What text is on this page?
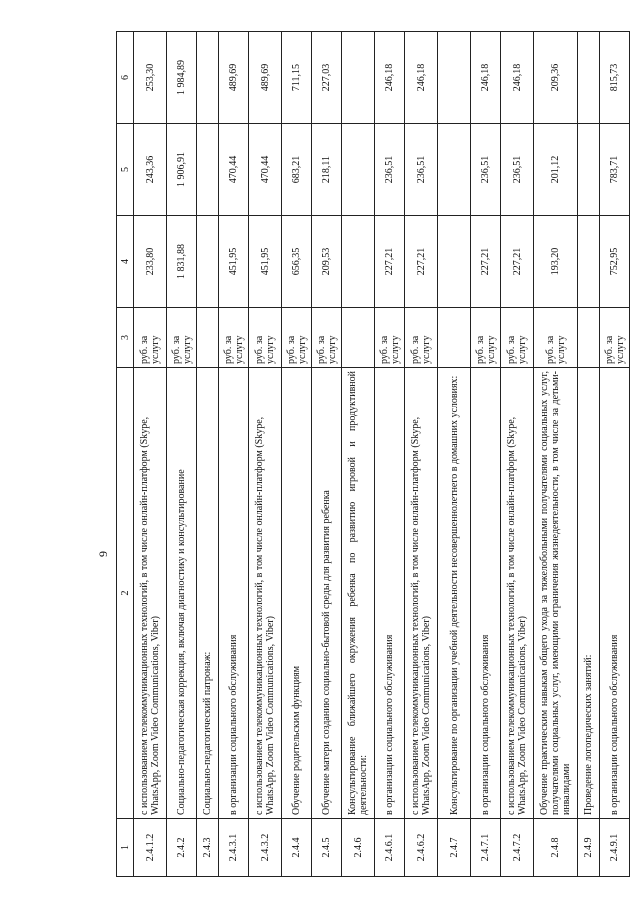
9
1	2	3	4	5	6
2.4.1.2	с использованием телекоммуникационных технологий, в том числе онлайн-платформ (Skype, WhatsApp, Zoom Video Communications, Viber)	руб. за услугу	233,80	243,36	253,30
2.4.2	Социально-педагогическая коррекция, включая диагностику и консультирование	руб. за услугу	1 831,88	1 906,91	1 984,89
2.4.3	Социально-педагогический патронаж:				
2.4.3.1	в организации социального обслуживания	руб. за услугу	451,95	470,44	489,69
2.4.3.2	с использованием телекоммуникационных технологий, в том числе онлайн-платформ (Skype, WhatsApp, Zoom Video Communications, Viber)	руб. за услугу	451,95	470,44	489,69
2.4.4	Обучение родительским функциям	руб. за услугу	656,35	683,21	711,15
2.4.5	Обучение матери созданию социально-бытовой среды для развития ребенка	руб. за услугу	209,53	218,11	227,03
2.4.6	Консультирование ближайшего окружения ребенка по развитию игровой и продуктивной деятельности:				
2.4.6.1	в организации социального обслуживания	руб. за услугу	227,21	236,51	246,18
2.4.6.2	с использованием телекоммуникационных технологий, в том числе онлайн-платформ (Skype, WhatsApp, Zoom Video Communications, Viber)	руб. за услугу	227,21	236,51	246,18
2.4.7	Консультирование по организации учебной деятельности несовершеннолетнего в домашних условиях:				
2.4.7.1	в организации социального обслуживания	руб. за услугу	227,21	236,51	246,18
2.4.7.2	с использованием телекоммуникационных технологий, в том числе онлайн-платформ (Skype, WhatsApp, Zoom Video Communications, Viber)	руб. за услугу	227,21	236,51	246,18
2.4.8	Обучение практическим навыкам общего ухода за тяжелобольными получателями социальных услуг, получателями социальных услуг, имеющими ограничения жизнедеятельности, в том числе за детьми-инвалидами	руб. за услугу	193,20	201,12	209,36
2.4.9	Проведение логопедических занятий:				
2.4.9.1	в организации социального обслуживания	руб. за услугу	752,95	783,71	815,73
